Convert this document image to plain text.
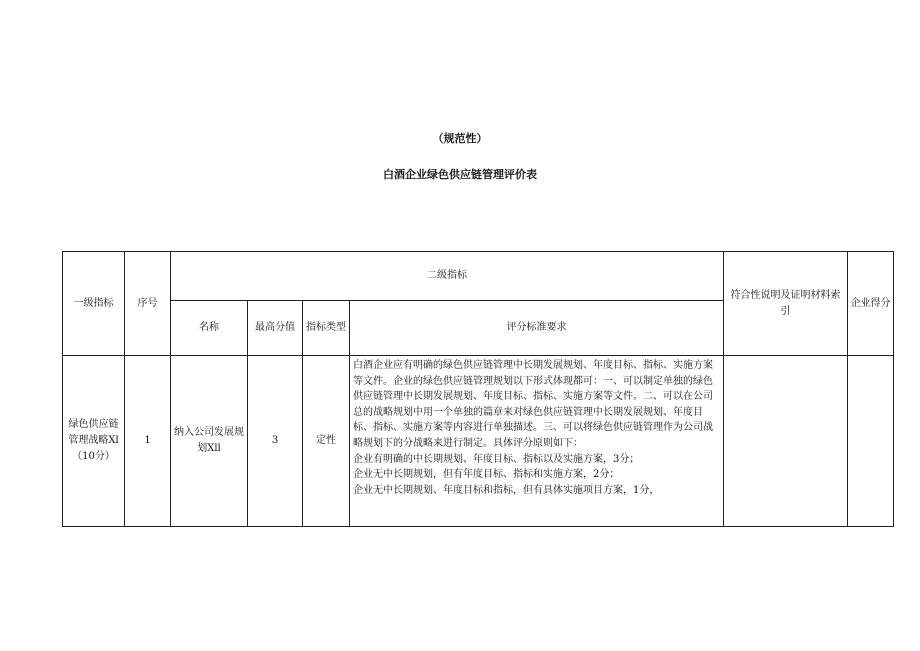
（规范性）
白酒企业绿色供应链管理评价表
一级指标	序号	二级指标				符合性说明及证明材料索引	企业得分
		名称	最高分值	指标类型	评分标准要求		
绿色供应链管理战略Xl（10分）	1	纳入公司发展规划Xll	3	定性	白酒企业应有明确的绿色供应链管理中长期发展规划、年度目标、指标、实施方案等文件。企业的绿色供应链管理规划以下形式体现都可：一、可以制定单独的绿色供应链管理中长期发展规划、年度目标、指标、实施方案等文件。二、可以在公司总的战略规划中用一个单独的篇章来对绿色供应链管理中长期发展规划、年度目标、指标、实施方案等内容进行单独描述。三、可以将绿色供应链管理作为公司战略规划下的分战略来进行制定。具体评分原则如下：
企业有明确的中长期规划、年度目标、指标以及实施方案，3分；
企业无中长期规划，但有年度目标、指标和实施方案，2分；
企业无中长期规划、年度目标和指标，但有具体实施项目方案，1分，		
